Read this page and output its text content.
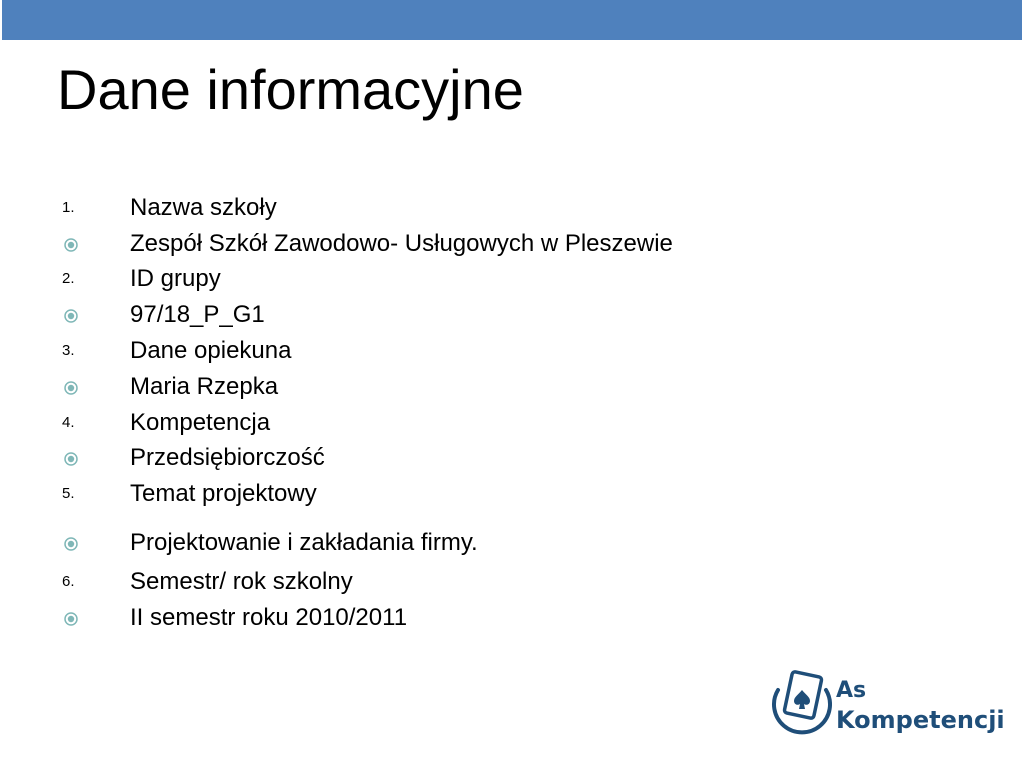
Dane informacyjne
1. Nazwa szkoły
Zespół Szkół Zawodowo- Usługowych w Pleszewie
2. ID grupy
97/18_P_G1
3. Dane opiekuna
Maria Rzepka
4. Kompetencja
Przedsiębiorczość
5. Temat projektowy
Projektowanie i zakładania firmy.
6. Semestr/ rok szkolny
II semestr roku 2010/2011
As
Kompetencji
